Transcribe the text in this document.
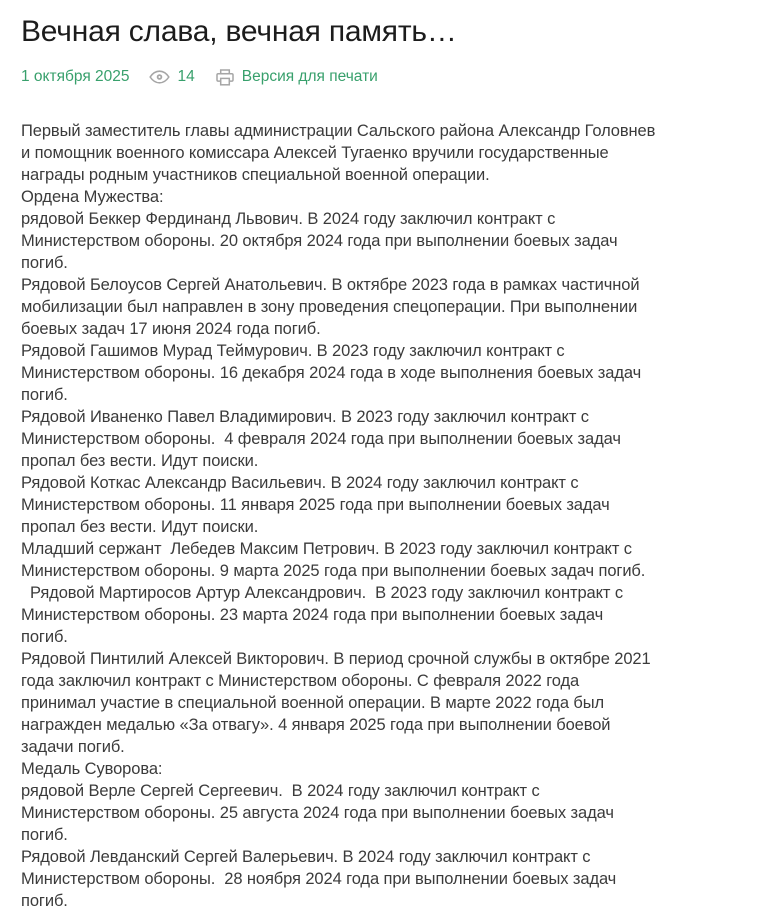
Вечная слава, вечная память…
1 октября 2025	14	Версия для печати

Первый заместитель главы администрации Сальского района Александр Головнев
и помощник военного комиссара Алексей Тугаенко вручили государственные
награды родным участников специальной военной операции.

Ордена Мужества:

рядовой Беккер Фердинанд Львович. В 2024 году заключил контракт с
Министерством обороны. 20 октября 2024 года при выполнении боевых задач
погиб.

Рядовой Белоусов Сергей Анатольевич. В октябре 2023 года в рамках частичной
мобилизации был направлен в зону проведения спецоперации. При выполнении
боевых задач 17 июня 2024 года погиб.

Рядовой Гашимов Мурад Теймурович. В 2023 году заключил контракт с
Министерством обороны. 16 декабря 2024 года в ходе выполнения боевых задач
погиб.

Рядовой Иваненко Павел Владимирович. В 2023 году заключил контракт с
Министерством обороны.  4 февраля 2024 года при выполнении боевых задач
пропал без вести. Идут поиски.

Рядовой Коткас Александр Васильевич. В 2024 году заключил контракт с
Министерством обороны. 11 января 2025 года при выполнении боевых задач
пропал без вести. Идут поиски.

Младший сержант  Лебедев Максим Петрович. В 2023 году заключил контракт с
Министерством обороны. 9 марта 2025 года при выполнении боевых задач погиб.

Рядовой Мартиросов Артур Александрович.  В 2023 году заключил контракт с
Министерством обороны. 23 марта 2024 года при выполнении боевых задач
погиб.

Рядовой Пинтилий Алексей Викторович. В период срочной службы в октябре 2021
года заключил контракт с Министерством обороны. С февраля 2022 года
принимал участие в специальной военной операции. В марте 2022 года был
награжден медалью «За отвагу». 4 января 2025 года при выполнении боевой
задачи погиб.

Медаль Суворова:

рядовой Верле Сергей Сергеевич.  В 2024 году заключил контракт с
Министерством обороны. 25 августа 2024 года при выполнении боевых задач
погиб.

Рядовой Левданский Сергей Валерьевич. В 2024 году заключил контракт с
Министерством обороны.  28 ноября 2024 года при выполнении боевых задач
погиб.
